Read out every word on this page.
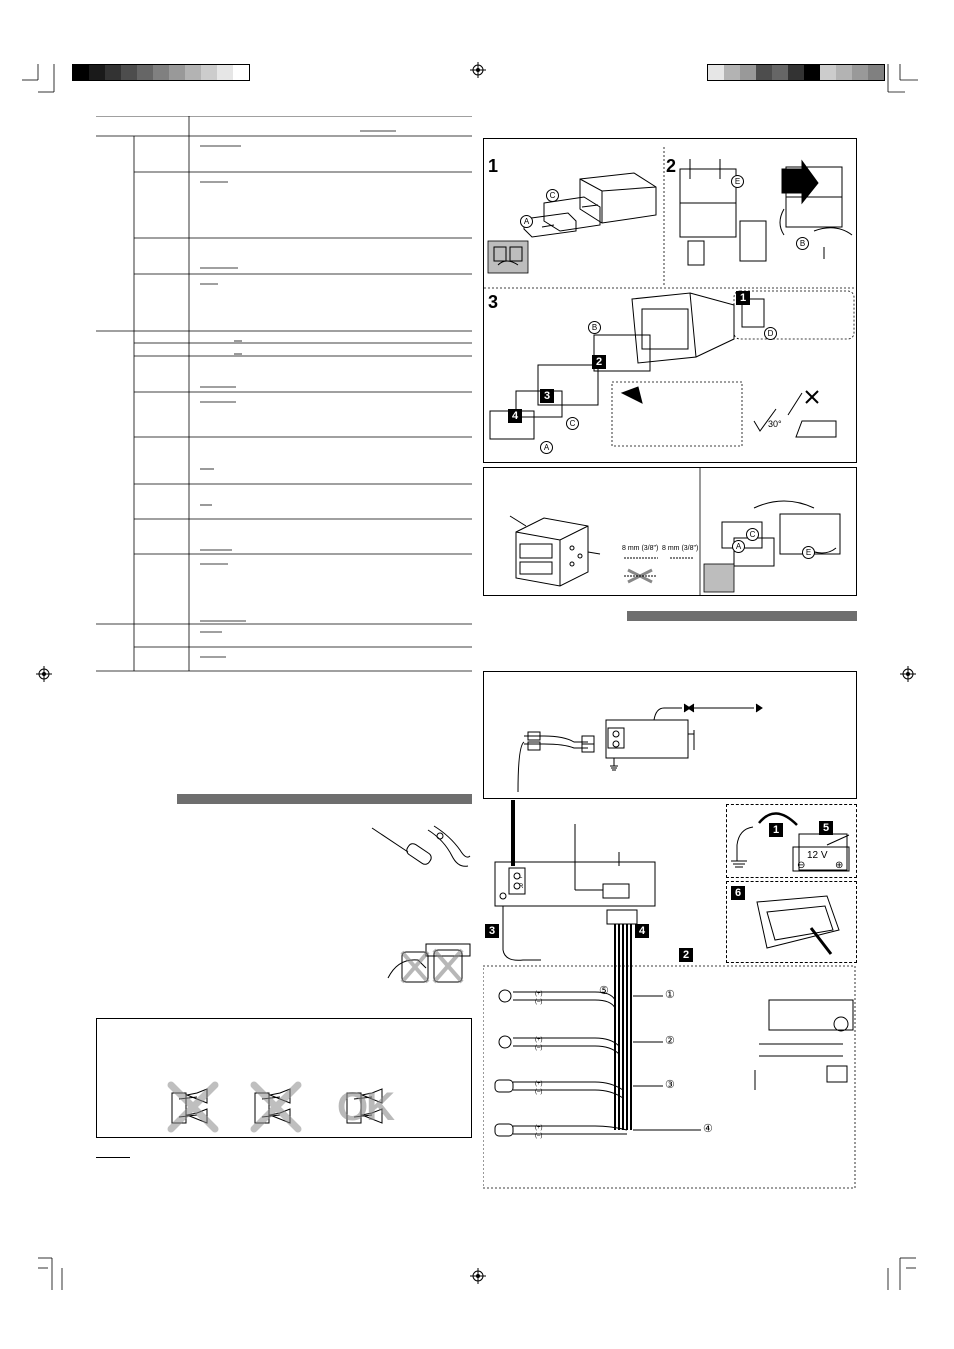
OK
1	2
3
C
A
E
B
B
D
C
A
1
2
3
4
30°
8 mm (3/8") 8 mm (3/8")	A
C
E
L
R
3	4
2
⑤	①
②
③
④
(+)
(–)
(+)
(–)
(+)
(–)
(+)
(–)
1	5
12 V
⊖	⊕
6
